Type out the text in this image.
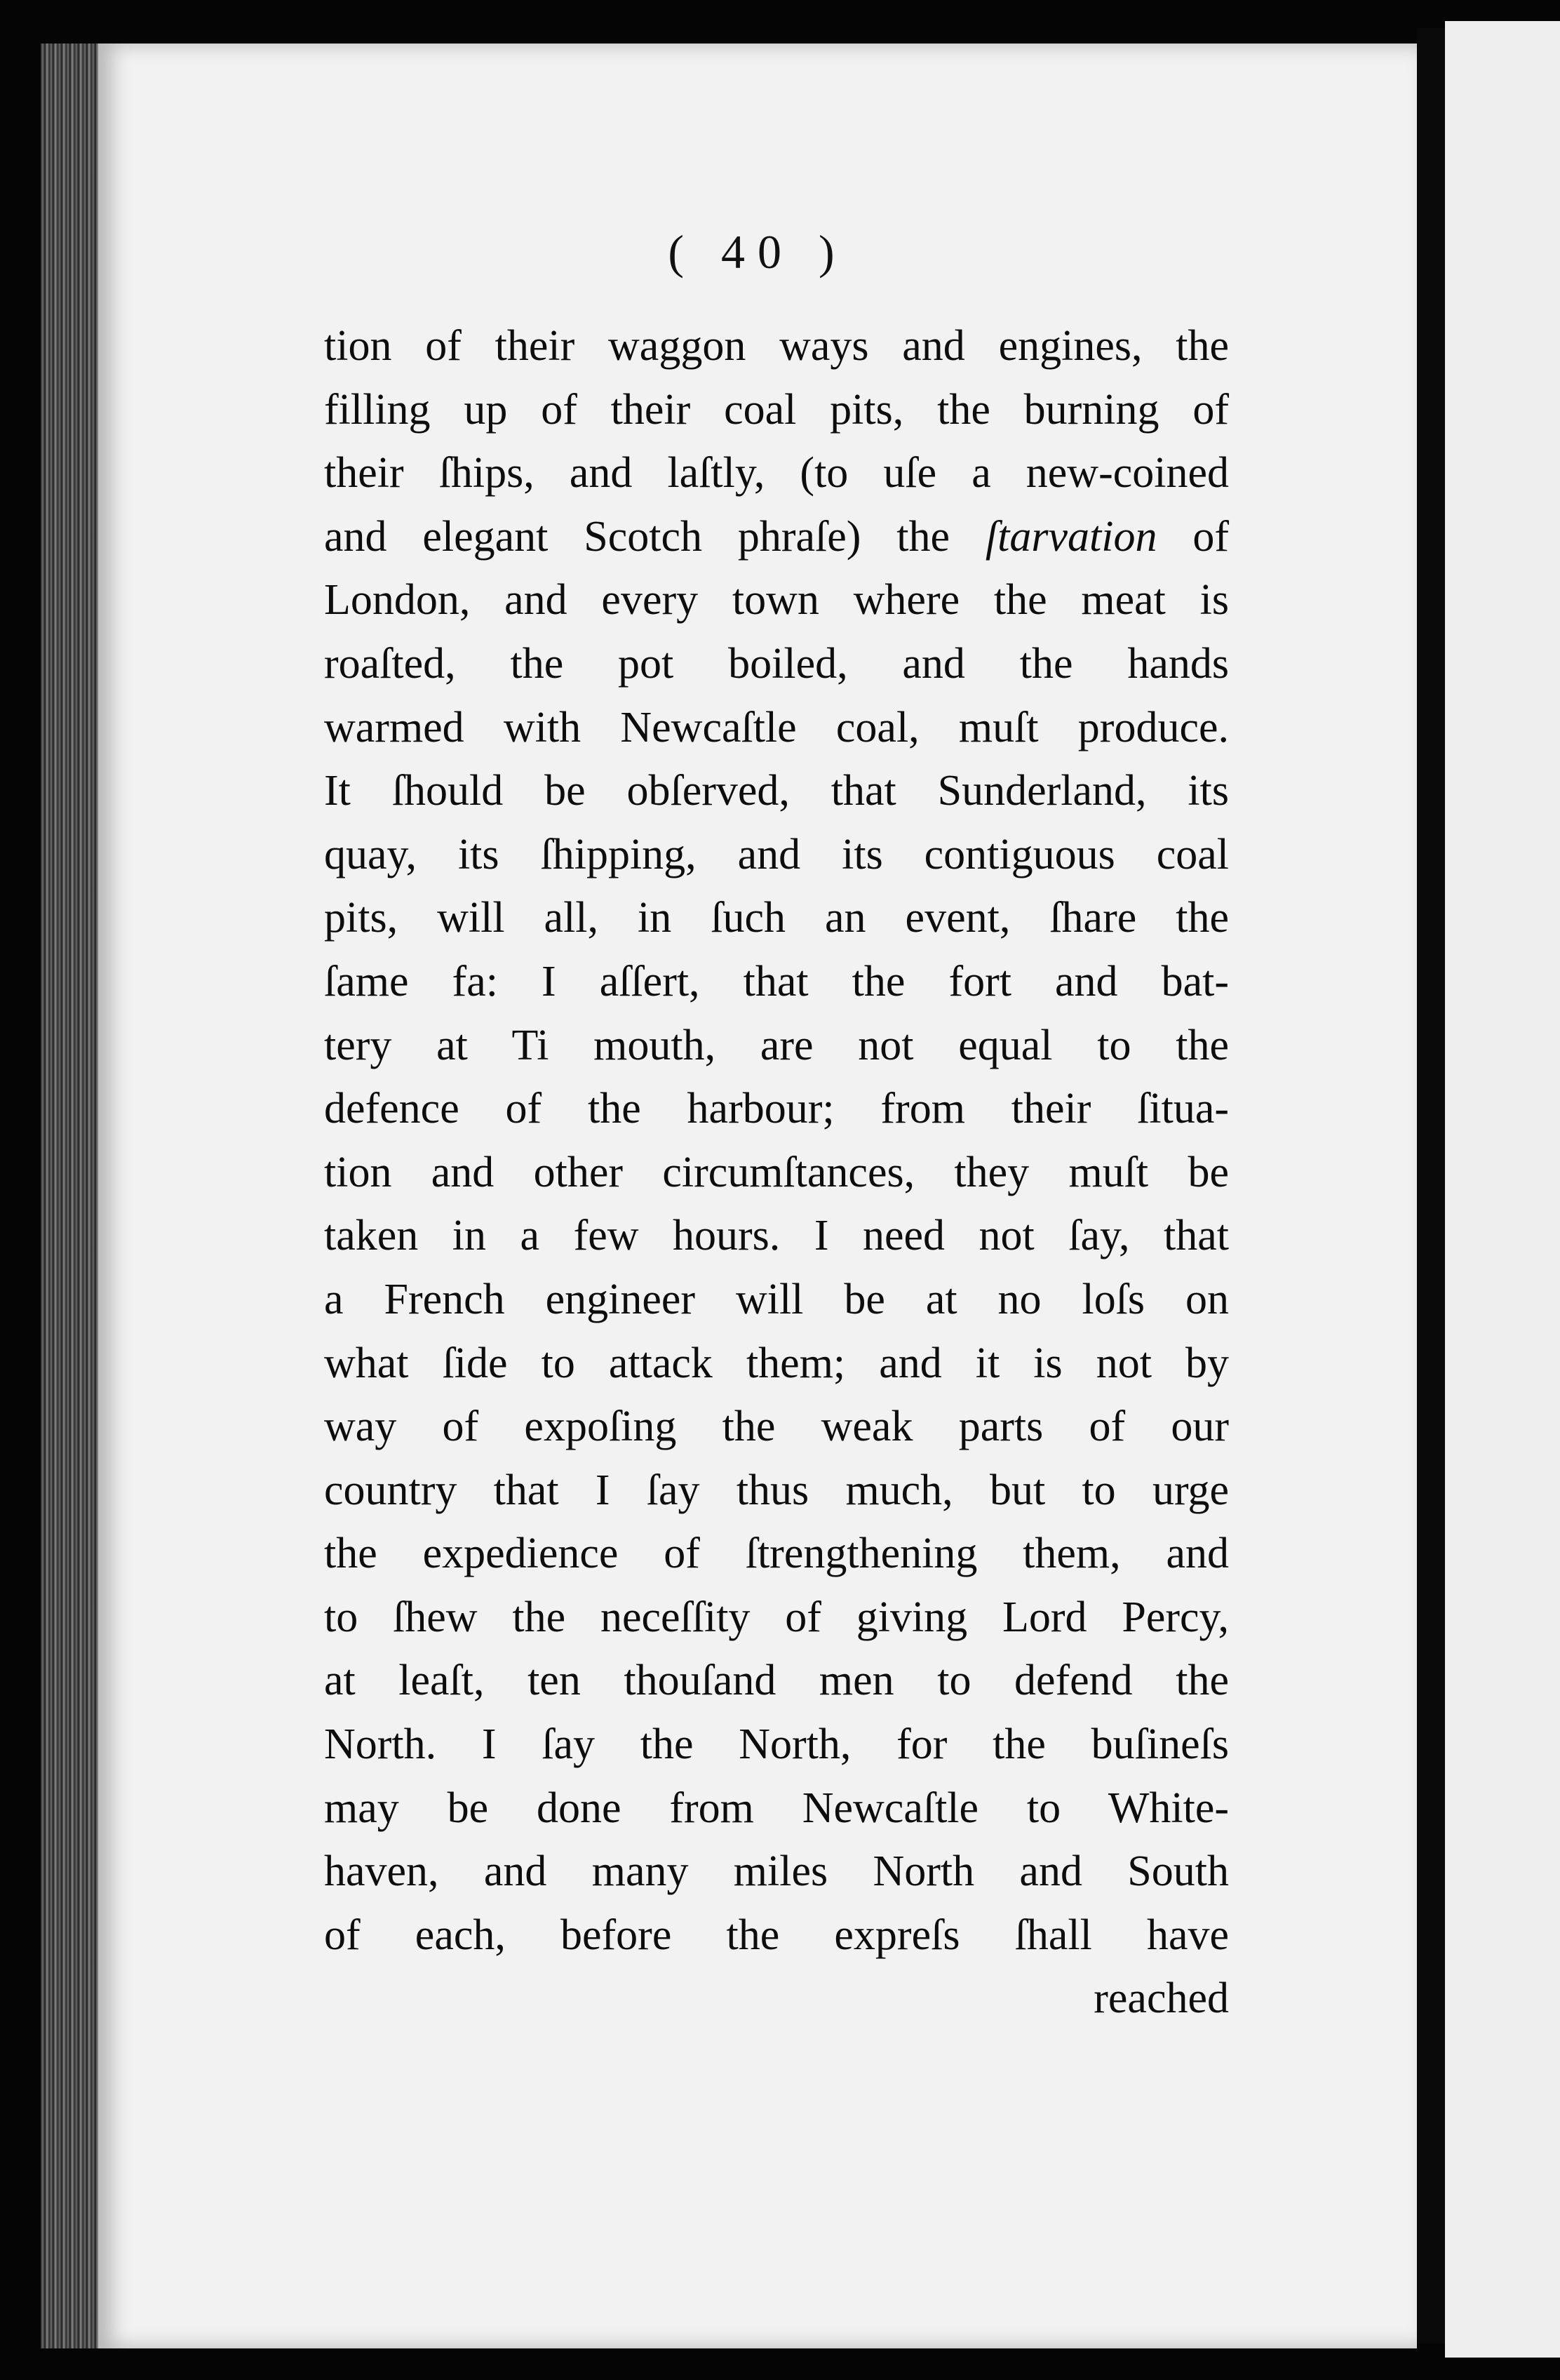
( 40 )
tion of their waggon ways and engines, the
filling up of their coal pits, the burning of
their ſhips, and laſtly, (to uſe a new-coined
and elegant Scotch phraſe) the ſtarvation of
London, and every town where the meat is
roaſted, the pot boiled, and the hands
warmed with Newcaſtle coal, muſt produce.
It ſhould be obſerved, that Sunderland, its
quay, its ſhipping, and its contiguous coal
pits, will all, in ſuch an event, ſhare the
ſame fa: I aſſert, that the fort and bat-
tery at Ti mouth, are not equal to the
defence of the harbour; from their ſitua-
tion and other circumſtances, they muſt be
taken in a few hours. I need not ſay, that
a French engineer will be at no loſs on
what ſide to attack them; and it is not by
way of expoſing the weak parts of our
country that I ſay thus much, but to urge
the expedience of ſtrengthening them, and
to ſhew the neceſſity of giving Lord Percy,
at leaſt, ten thouſand men to defend the
North. I ſay the North, for the buſineſs
may be done from Newcaſtle to White-
haven, and many miles North and South
of each, before the expreſs ſhall have
reached
